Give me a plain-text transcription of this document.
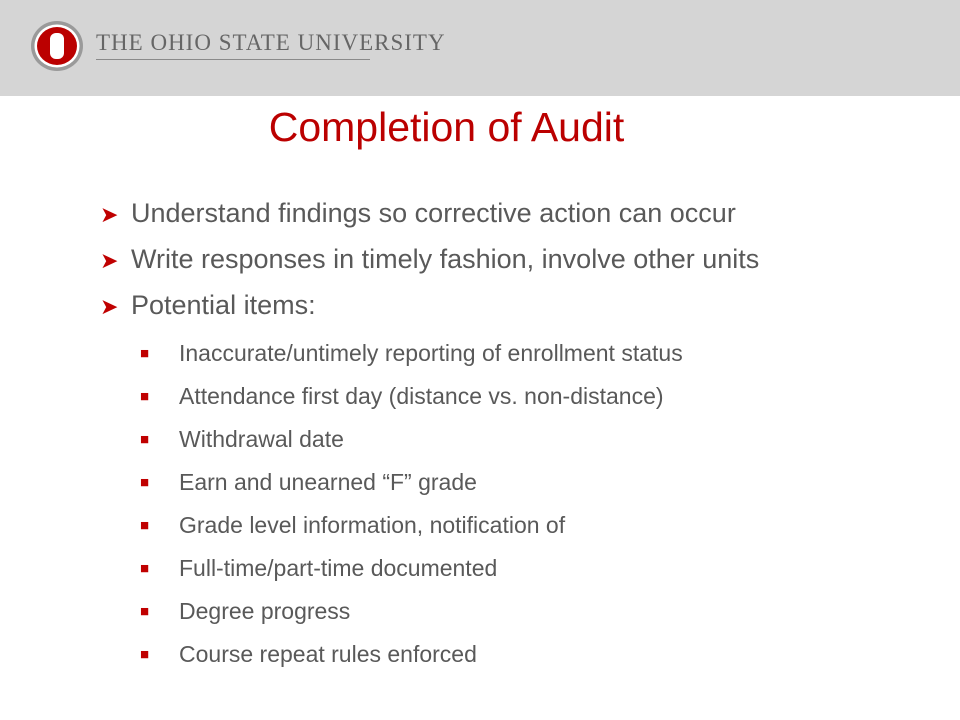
THE OHIO STATE UNIVERSITY
Completion of Audit
➤ Understand findings so corrective action can occur
➤ Write responses in timely fashion, involve other units
➤ Potential items:
■ Inaccurate/untimely reporting of enrollment status
■ Attendance first day (distance vs. non-distance)
■ Withdrawal date
■ Earn and unearned “F” grade
■ Grade level information, notification of
■ Full-time/part-time documented
■ Degree progress
■ Course repeat rules enforced
